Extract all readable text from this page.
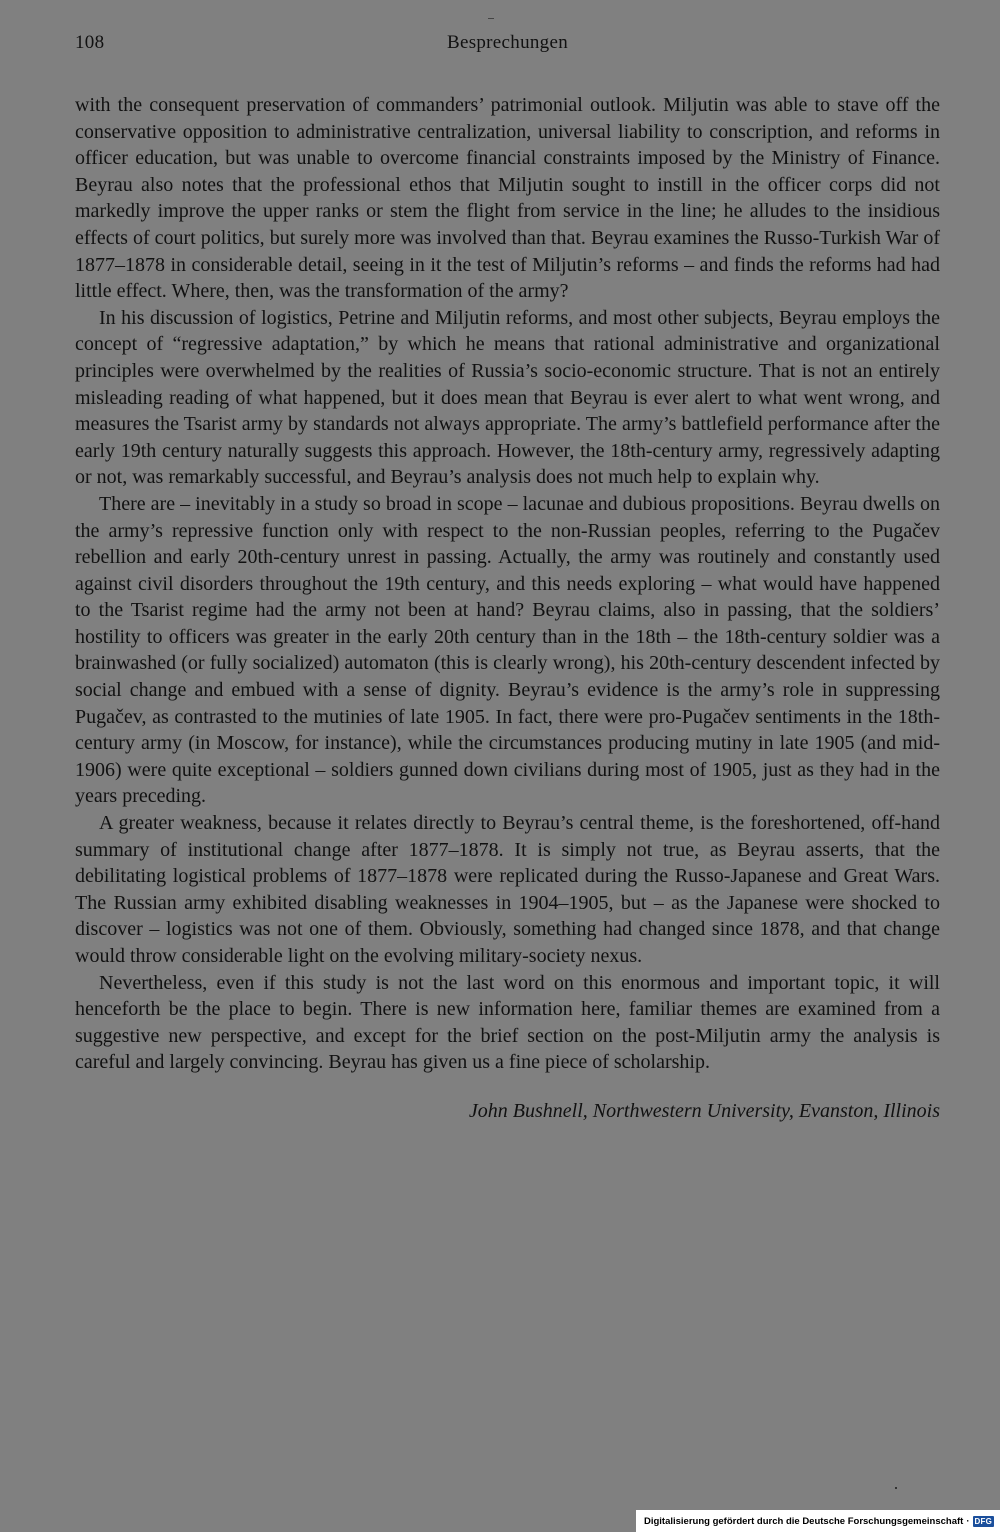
108	Besprechungen

with the consequent preservation of commanders’ patrimonial outlook. Miljutin was able to stave off the conservative opposition to administrative centralization, universal liability to conscription, and reforms in officer education, but was unable to overcome financial constraints imposed by the Ministry of Finance. Beyrau also notes that the professional ethos that Miljutin sought to instill in the officer corps did not markedly improve the upper ranks or stem the flight from service in the line; he alludes to the insidious effects of court politics, but surely more was involved than that. Beyrau examines the Russo-Turkish War of 1877–1878 in considerable detail, seeing in it the test of Miljutin’s reforms – and finds the reforms had had little effect. Where, then, was the transformation of the army?

In his discussion of logistics, Petrine and Miljutin reforms, and most other subjects, Beyrau employs the concept of “regressive adaptation,” by which he means that rational administrative and organizational principles were overwhelmed by the realities of Russia’s socio-economic structure. That is not an entirely misleading reading of what happened, but it does mean that Beyrau is ever alert to what went wrong, and measures the Tsarist army by standards not always appropriate. The army’s battlefield performance after the early 19th century naturally suggests this approach. However, the 18th-century army, regressively adapting or not, was remarkably successful, and Beyrau’s analysis does not much help to explain why.

There are – inevitably in a study so broad in scope – lacunae and dubious propositions. Beyrau dwells on the army’s repressive function only with respect to the non-Russian peoples, referring to the Pugačev rebellion and early 20th-century unrest in passing. Actually, the army was routinely and constantly used against civil disorders throughout the 19th century, and this needs exploring – what would have happened to the Tsarist regime had the army not been at hand? Beyrau claims, also in passing, that the soldiers’ hostility to officers was greater in the early 20th century than in the 18th – the 18th-century soldier was a brainwashed (or fully socialized) automaton (this is clearly wrong), his 20th-century descendent infected by social change and embued with a sense of dignity. Beyrau’s evidence is the army’s role in suppressing Pugačev, as contrasted to the mutinies of late 1905. In fact, there were pro-Pugačev sentiments in the 18th-century army (in Moscow, for instance), while the circumstances producing mutiny in late 1905 (and mid-1906) were quite exceptional – soldiers gunned down civilians during most of 1905, just as they had in the years preceding.

A greater weakness, because it relates directly to Beyrau’s central theme, is the foreshortened, off-hand summary of institutional change after 1877–1878. It is simply not true, as Beyrau asserts, that the debilitating logistical problems of 1877–1878 were replicated during the Russo-Japanese and Great Wars. The Russian army exhibited disabling weaknesses in 1904–1905, but – as the Japanese were shocked to discover – logistics was not one of them. Obviously, something had changed since 1878, and that change would throw considerable light on the evolving military-society nexus.

Nevertheless, even if this study is not the last word on this enormous and important topic, it will henceforth be the place to begin. There is new information here, familiar themes are examined from a suggestive new perspective, and except for the brief section on the post-Miljutin army the analysis is careful and largely convincing. Beyrau has given us a fine piece of scholarship.

John Bushnell, Northwestern University, Evanston, Illinois
Digitalisierung gefördert durch die Deutsche Forschungsgemeinschaft · DFG
